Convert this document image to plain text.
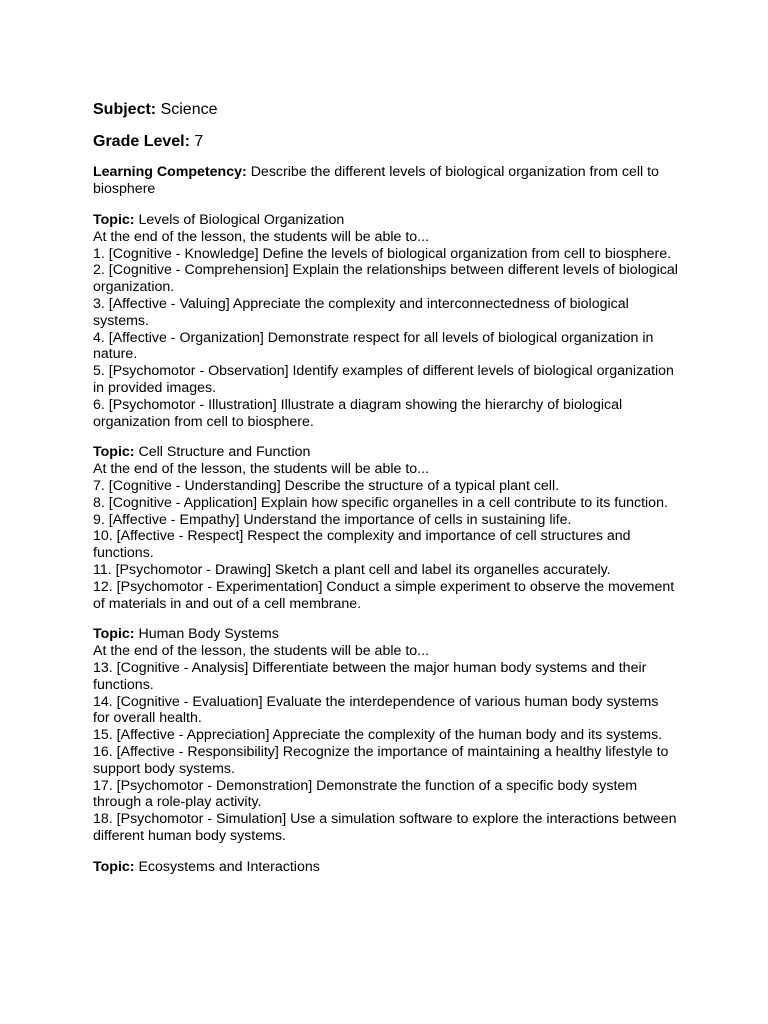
Subject: Science

Grade Level: 7

Learning Competency: Describe the different levels of biological organization from cell to biosphere

Topic: Levels of Biological Organization

At the end of the lesson, the students will be able to...

1. [Cognitive - Knowledge] Define the levels of biological organization from cell to biosphere.

2. [Cognitive - Comprehension] Explain the relationships between different levels of biological organization.

3. [Affective - Valuing] Appreciate the complexity and interconnectedness of biological systems.

4. [Affective - Organization] Demonstrate respect for all levels of biological organization in nature.

5. [Psychomotor - Observation] Identify examples of different levels of biological organization in provided images.

6. [Psychomotor - Illustration] Illustrate a diagram showing the hierarchy of biological organization from cell to biosphere.

Topic: Cell Structure and Function

At the end of the lesson, the students will be able to...

7. [Cognitive - Understanding] Describe the structure of a typical plant cell.

8. [Cognitive - Application] Explain how specific organelles in a cell contribute to its function.

9. [Affective - Empathy] Understand the importance of cells in sustaining life.

10. [Affective - Respect] Respect the complexity and importance of cell structures and functions.

11. [Psychomotor - Drawing] Sketch a plant cell and label its organelles accurately.

12. [Psychomotor - Experimentation] Conduct a simple experiment to observe the movement of materials in and out of a cell membrane.

Topic: Human Body Systems

At the end of the lesson, the students will be able to...

13. [Cognitive - Analysis] Differentiate between the major human body systems and their functions.

14. [Cognitive - Evaluation] Evaluate the interdependence of various human body systems for overall health.

15. [Affective - Appreciation] Appreciate the complexity of the human body and its systems.

16. [Affective - Responsibility] Recognize the importance of maintaining a healthy lifestyle to support body systems.

17. [Psychomotor - Demonstration] Demonstrate the function of a specific body system through a role-play activity.

18. [Psychomotor - Simulation] Use a simulation software to explore the interactions between different human body systems.

Topic: Ecosystems and Interactions
